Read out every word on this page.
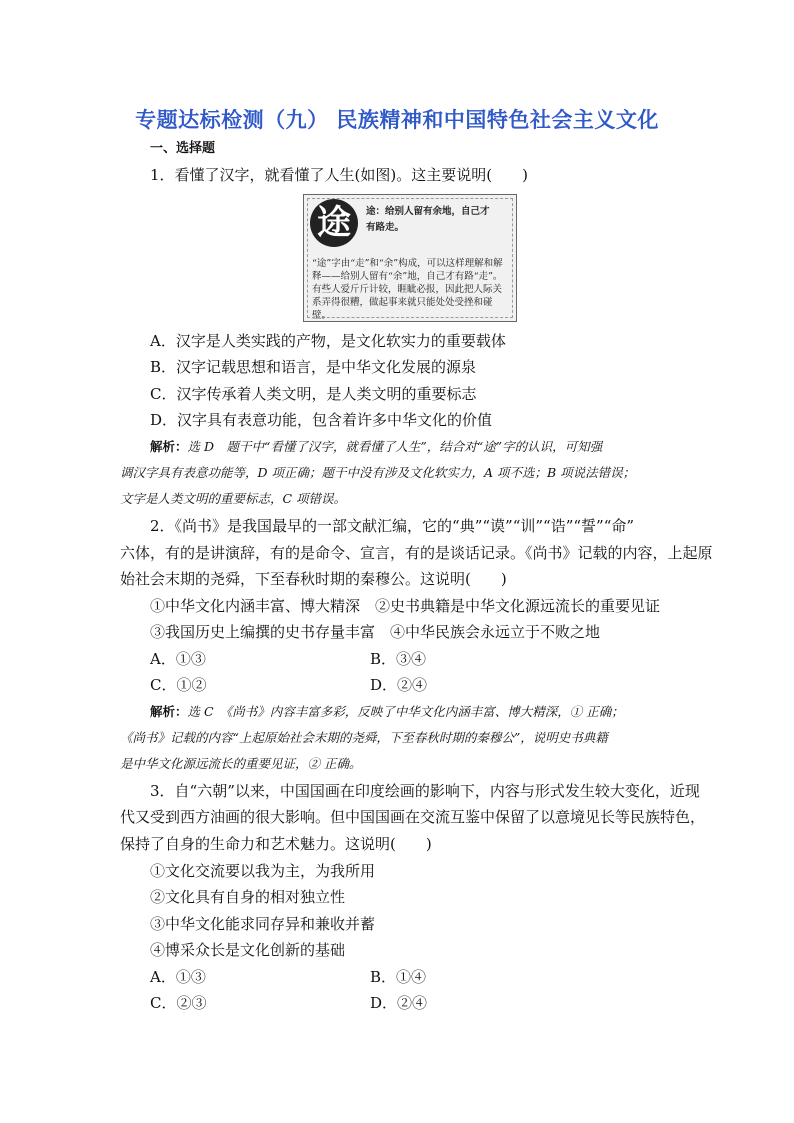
专题达标检测（九） 民族精神和中国特色社会主义文化
一、选择题
1．看懂了汉字，就看懂了人生(如图)。这主要说明(　　)
途	途：给别人留有余地，自己才
有路走。
“途”字由“走”和“余”构成，可以这样理解和解释——给别人留有“余”地，自己才有路“走”。有些人爱斤斤计较，睚眦必报，因此把人际关系弄得很糟，做起事来就只能处处受挫和碰壁。
A．汉字是人类实践的产物，是文化软实力的重要载体
B．汉字记载思想和语言，是中华文化发展的源泉
C．汉字传承着人类文明，是人类文明的重要标志
D．汉字具有表意功能，包含着许多中华文化的价值
解析：选 D　题干中“看懂了汉字，就看懂了人生”，结合对“途”字的认识，可知强
调汉字具有表意功能等，D 项正确；题干中没有涉及文化软实力，A 项不选；B 项说法错误；
文字是人类文明的重要标志，C 项错误。
2．《尚书》是我国最早的一部文献汇编，它的“典”“谟”“训”“诰”“誓”“命”
六体，有的是讲演辞，有的是命令、宣言，有的是谈话记录。《尚书》记载的内容，上起原
始社会末期的尧舜，下至春秋时期的秦穆公。这说明(　　)
①中华文化内涵丰富、博大精深　②史书典籍是中华文化源远流长的重要见证
③我国历史上编撰的史书存量丰富　④中华民族会永远立于不败之地
A．①③	B．③④
C．①②	D．②④
解析：选 C　《尚书》内容丰富多彩，反映了中华文化内涵丰富、博大精深，① 正确；
《尚书》记载的内容“上起原始社会末期的尧舜，下至春秋时期的秦穆公”，说明史书典籍
是中华文化源远流长的重要见证，② 正确。
3．自“六朝”以来，中国国画在印度绘画的影响下，内容与形式发生较大变化，近现
代又受到西方油画的很大影响。但中国国画在交流互鉴中保留了以意境见长等民族特色，
保持了自身的生命力和艺术魅力。这说明(　　)
①文化交流要以我为主，为我所用
②文化具有自身的相对独立性
③中华文化能求同存异和兼收并蓄
④博采众长是文化创新的基础
A．①③	B．①④
C．②③	D．②④
